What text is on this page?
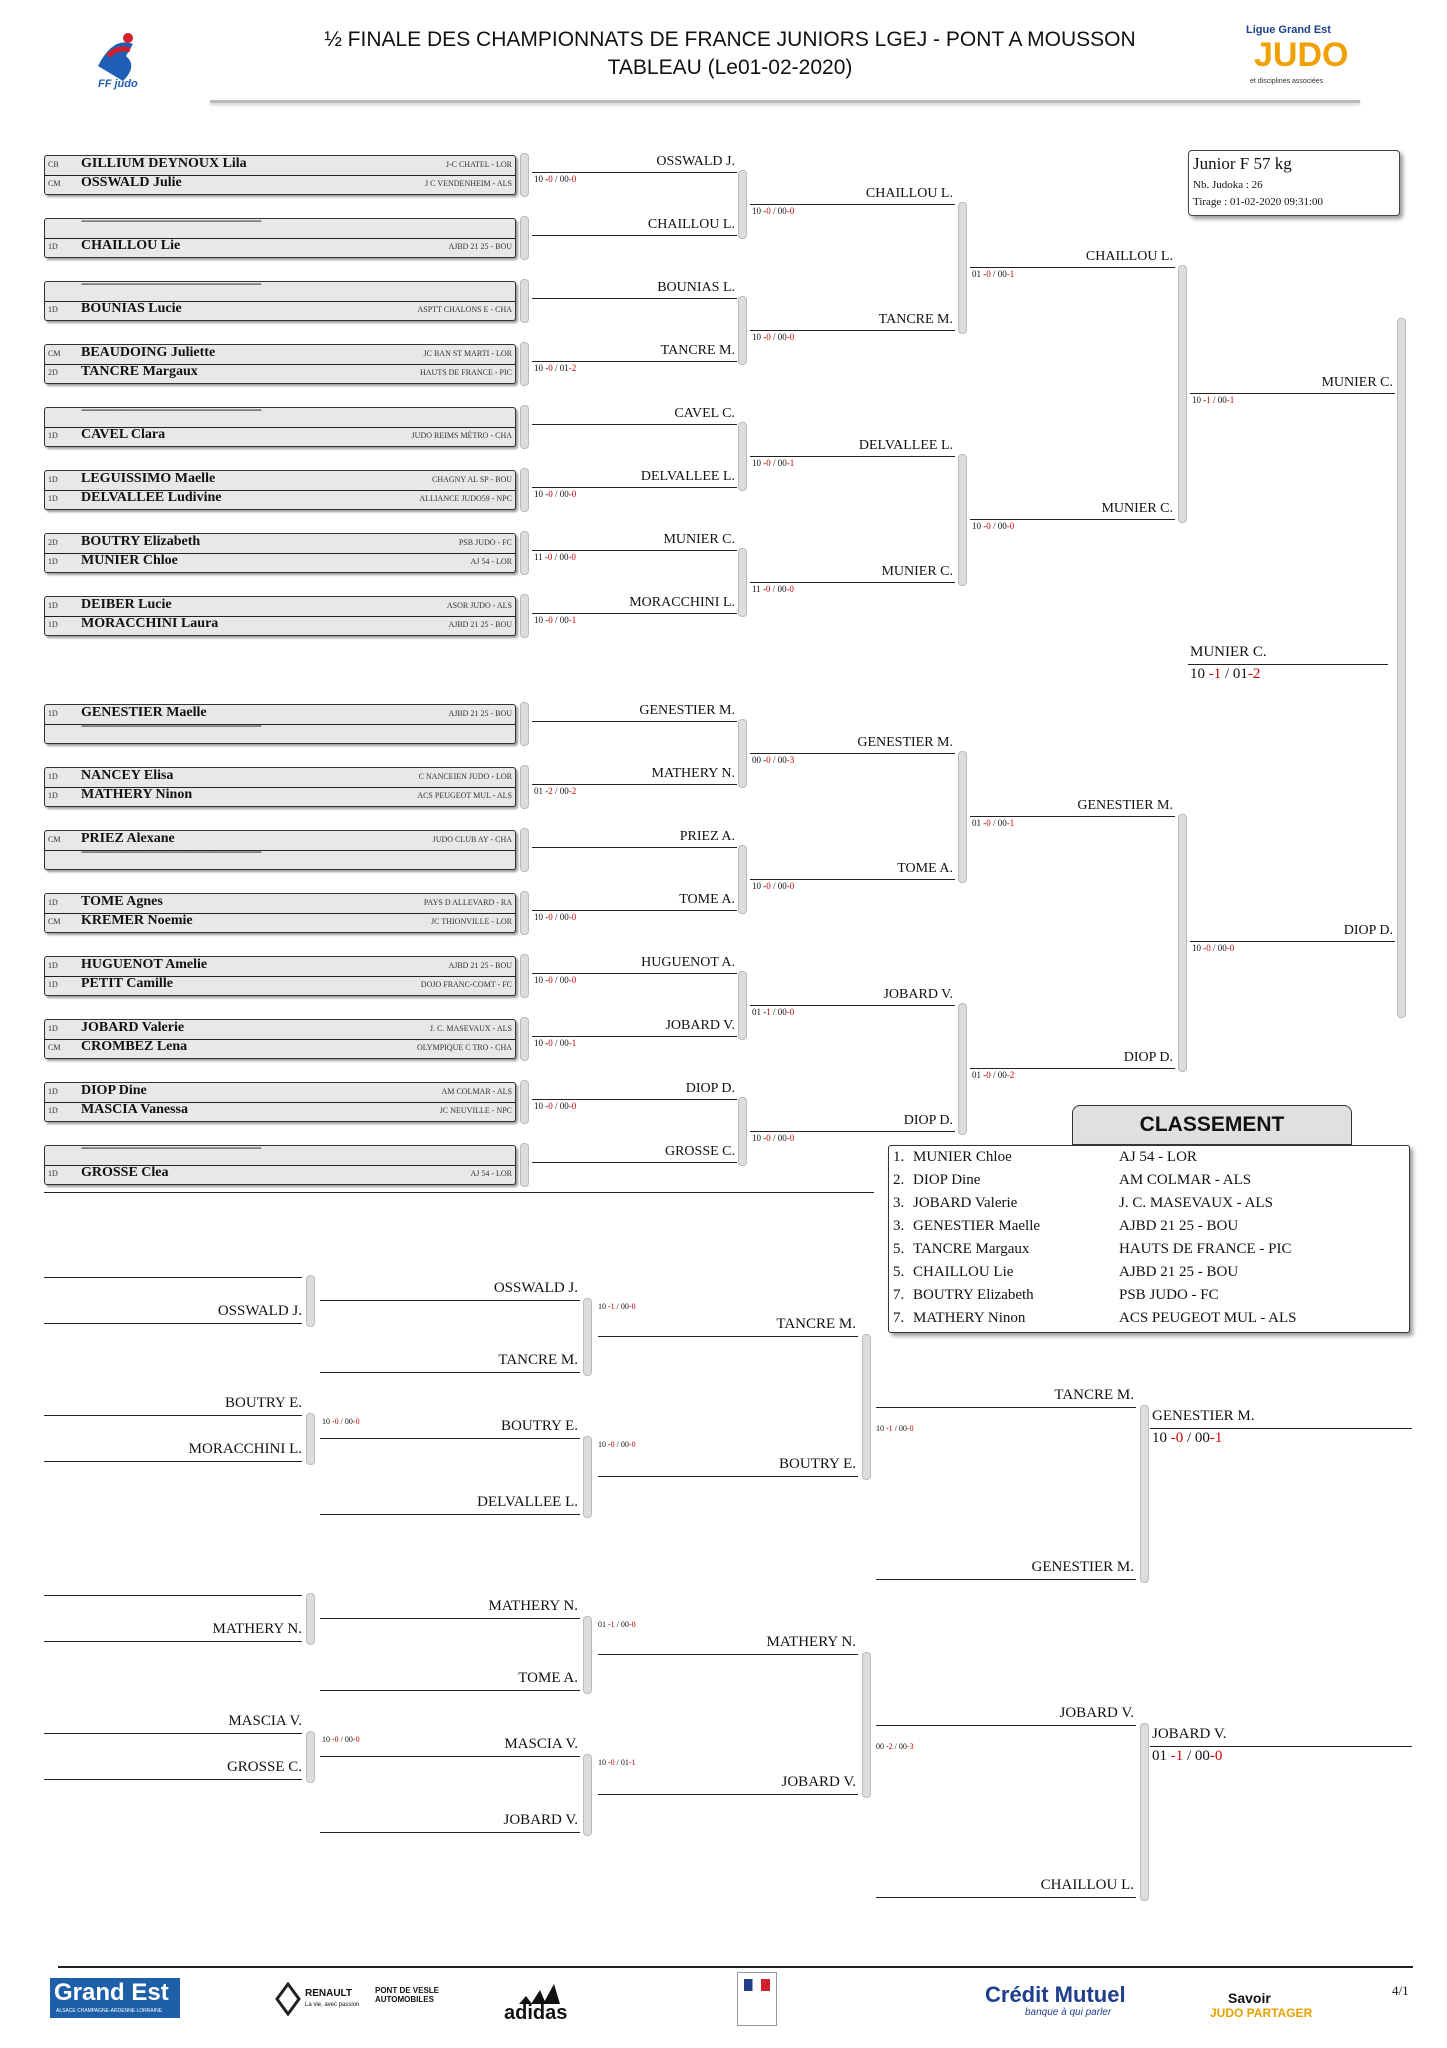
FF judo
½ FINALE DES CHAMPIONNATS DE FRANCE JUNIORS LGEJ - PONT A MOUSSON
TABLEAU (Le01-02-2020)
Ligue Grand Est
JUDO
et disciplines associées
Junior F 57 kg
Nb. Judoka : 26
Tirage : 01-02-2020 09:31:00
CB GILLIUM DEYNOUX Lila	J-C CHATEL - LOR
CM OSSWALD Julie	J C VENDENHEIM - ALS
------------------------------------------------------------
1D CHAILLOU Lie	AJBD 21 25 - BOU
------------------------------------------------------------
1D BOUNIAS Lucie	ASPTT CHALONS E - CHA
CM BEAUDOING Juliette	JC BAN ST MARTI - LOR
2D TANCRE Margaux	HAUTS DE FRANCE - PIC
------------------------------------------------------------
1D CAVEL Clara	JUDO REIMS MÉTRO - CHA
1D LEGUISSIMO Maelle	CHAGNY AL SP - BOU
1D DELVALLEE Ludivine	ALLIANCE JUDO59 - NPC
2D BOUTRY Elizabeth	PSB JUDO - FC
1D MUNIER Chloe	AJ 54 - LOR
1D DEIBER Lucie	ASOR JUDO - ALS
1D MORACCHINI Laura	AJBD 21 25 - BOU
1D GENESTIER Maelle	AJBD 21 25 - BOU
------------------------------------------------------------
1D NANCEY Elisa	C NANCEIEN JUDO - LOR
1D MATHERY Ninon	ACS PEUGEOT MUL - ALS
CM PRIEZ Alexane	JUDO CLUB AY - CHA
------------------------------------------------------------
1D TOME Agnes	PAYS D ALLEVARD - RA
CM KREMER Noemie	JC THIONVILLE - LOR
1D HUGUENOT Amelie	AJBD 21 25 - BOU
1D PETIT Camille	DOJO FRANC-COMT - FC
1D JOBARD Valerie	J. C. MASEVAUX - ALS
CM CROMBEZ Lena	OLYMPIQUE C TRO - CHA
1D DIOP Dine	AM COLMAR - ALS
1D MASCIA Vanessa	JC NEUVILLE - NPC
------------------------------------------------------------
1D GROSSE Clea	AJ 54 - LOR
OSSWALD J.
10 -0 / 00-0
CHAILLOU L.
BOUNIAS L.
TANCRE M.
10 -0 / 01-2
CAVEL C.
DELVALLEE L.
10 -0 / 00-0
MUNIER C.
11 -0 / 00-0
MORACCHINI L.
10 -0 / 00-1
GENESTIER M.
MATHERY N.
01 -2 / 00-2
PRIEZ A.
TOME A.
10 -0 / 00-0
HUGUENOT A.
10 -0 / 00-0
JOBARD V.
10 -0 / 00-1
DIOP D.
10 -0 / 00-0
GROSSE C.
CHAILLOU L.
10 -0 / 00-0
TANCRE M.
10 -0 / 00-0
DELVALLEE L.
10 -0 / 00-1
MUNIER C.
11 -0 / 00-0
GENESTIER M.
00 -0 / 00-3
TOME A.
10 -0 / 00-0
JOBARD V.
01 -1 / 00-0
DIOP D.
10 -0 / 00-0
CHAILLOU L.
01 -0 / 00-1
MUNIER C.
10 -0 / 00-0
GENESTIER M.
01 -0 / 00-1
DIOP D.
01 -0 / 00-2
MUNIER C.
10 -1 / 00-1
DIOP D.
10 -0 / 00-0
MUNIER C.
10 -1 / 01-2
OSSWALD J.
BOUTRY E.
MORACCHINI L.
10 -0 / 00-0
OSSWALD J.
TANCRE M.
BOUTRY E.
DELVALLEE L.
10 -1 / 00-0
10 -0 / 00-0
TANCRE M.
BOUTRY E.
10 -1 / 00-0
TANCRE M.
GENESTIER M.
GENESTIER M.
10 -0 / 00-1
MATHERY N.
MASCIA V.
GROSSE C.
10 -0 / 00-0
MATHERY N.
TOME A.
MASCIA V.
JOBARD V.
01 -1 / 00-0
10 -0 / 01-1
MATHERY N.
JOBARD V.
00 -2 / 00-3
JOBARD V.
CHAILLOU L.
JOBARD V.
01 -1 / 00-0
CLASSEMENT
1. MUNIER Chloe	AJ 54 - LOR
2. DIOP Dine	AM COLMAR - ALS
3. JOBARD Valerie	J. C. MASEVAUX - ALS
3. GENESTIER Maelle	AJBD 21 25 - BOU
5. TANCRE Margaux	HAUTS DE FRANCE - PIC
5. CHAILLOU Lie	AJBD 21 25 - BOU
7. BOUTRY Elizabeth	PSB JUDO - FC
7. MATHERY Ninon	ACS PEUGEOT MUL - ALS
4/1
Grand Est
ALSACE CHAMPAGNE-ARDENNE LORRAINE
RENAULT
La vie, avec passion
PONT DE VESLE AUTOMOBILES
adidas
Crédit Mutuel
banque à qui parler
Savoir
JUDO PARTAGER
